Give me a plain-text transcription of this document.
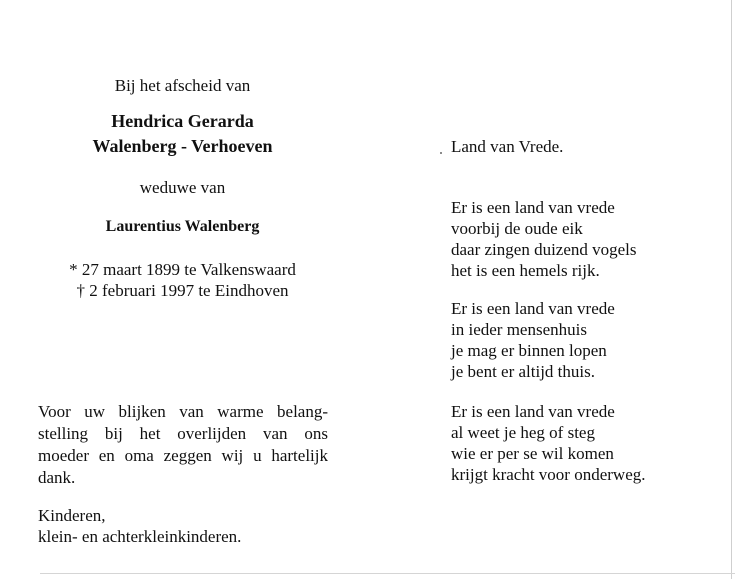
Bij het afscheid van
Hendrica Gerarda
Walenberg - Verhoeven
weduwe van
Laurentius Walenberg
* 27 maart 1899 te Valkenswaard
† 2 februari 1997 te Eindhoven
Voor uw blijken van warme belang-
stelling bij het overlijden van ons
moeder en oma zeggen wij u hartelijk
dank.
Kinderen,
klein- en achterkleinkinderen.
Land van Vrede.
Er is een land van vrede
voorbij de oude eik
daar zingen duizend vogels
het is een hemels rijk.
Er is een land van vrede
in ieder mensenhuis
je mag er binnen lopen
je bent er altijd thuis.
Er is een land van vrede
al weet je heg of steg
wie er per se wil komen
krijgt kracht voor onderweg.
